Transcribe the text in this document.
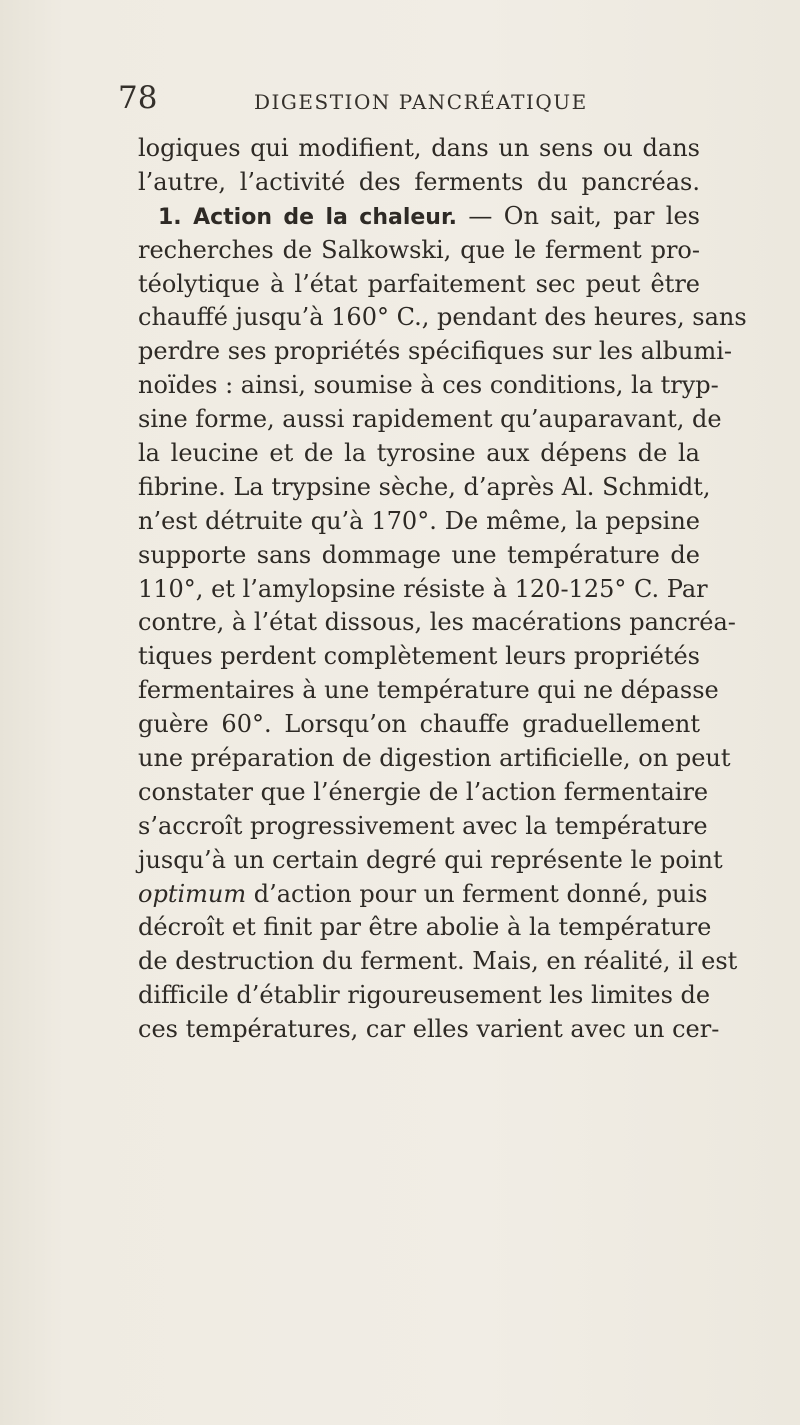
78	DIGESTION PANCRÉATIQUE
logiques qui modifient, dans un sens ou dans
l’autre, l’activité des ferments du pancréas.
1. Action de la chaleur. — On sait, par les
recherches de Salkowski, que le ferment pro-
téolytique à l’état parfaitement sec peut être
chauffé jusqu’à 160° C., pendant des heures, sans
perdre ses propriétés spécifiques sur les albumi-
noïdes : ainsi, soumise à ces conditions, la tryp-
sine forme, aussi rapidement qu’auparavant, de
la leucine et de la tyrosine aux dépens de la
fibrine. La trypsine sèche, d’après Al. Schmidt,
n’est détruite qu’à 170°. De même, la pepsine
supporte sans dommage une température de
110°, et l’amylopsine résiste à 120-125° C. Par
contre, à l’état dissous, les macérations pancréa-
tiques perdent complètement leurs propriétés
fermentaires à une température qui ne dépasse
guère 60°. Lorsqu’on chauffe graduellement
une préparation de digestion artificielle, on peut
constater que l’énergie de l’action fermentaire
s’accroît progressivement avec la température
jusqu’à un certain degré qui représente le point
optimum d’action pour un ferment donné, puis
décroît et finit par être abolie à la température
de destruction du ferment. Mais, en réalité, il est
difficile d’établir rigoureusement les limites de
ces températures, car elles varient avec un cer-
